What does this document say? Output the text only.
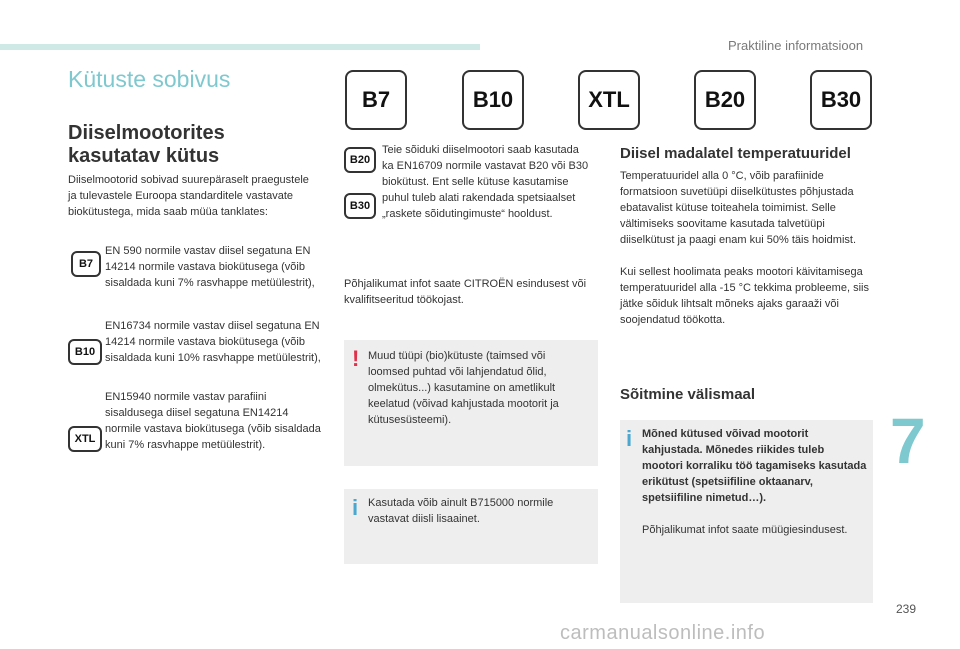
Praktiline informatsioon
Kütuste sobivus
Diiselmootorites kasutatav kütus
Diiselmootorid sobivad suurepäraselt praegustele ja tulevastele Euroopa standarditele vastavate biokütustega, mida saab müüa tanklates:
B7
EN 590 normile vastav diisel segatuna EN 14214 normile vastava biokütusega (võib sisaldada kuni 7% rasvhappe metüülestrit),
B10
EN16734 normile vastav diisel segatuna EN 14214 normile vastava biokütusega (võib sisaldada kuni 10% rasvhappe metüülestrit),
XTL
EN15940 normile vastav parafiini sisaldusega diisel segatuna EN14214 normile vastava biokütusega (võib sisaldada kuni 7% rasvhappe metüülestrit).
B7	B10	XTL	B20	B30
B20
B30
Teie sõiduki diiselmootori saab kasutada ka EN16709 normile vastavat B20 või B30 biokütust. Ent selle kütuse kasutamise puhul tuleb alati rakendada spetsiaalset „raskete sõidutingimuste“ hooldust.
Põhjalikumat infot saate CITROËN esindusest või kvalifitseeritud töökojast.
! Muud tüüpi (bio)kütuste (taimsed või loomsed puhtad või lahjendatud õlid, olmekütus...) kasutamine on ametlikult keelatud (võivad kahjustada mootorit ja kütusesüsteemi).
i Kasutada võib ainult B715000 normile vastavat diisli lisaainet.
Diisel madalatel temperatuuridel
Temperatuuridel alla 0 °C, võib parafiinide formatsioon suvetüüpi diiselkütustes põhjustada ebatavalist kütuse toiteahela toimimist. Selle vältimiseks soovitame kasutada talvetüüpi diiselkütust ja paagi enam kui 50% täis hoidmist.
Kui sellest hoolimata peaks mootori käivitamisega temperatuuridel alla -15 °C tekkima probleeme, siis jätke sõiduk lihtsalt mõneks ajaks garaaži või soojendatud töökotta.
Sõitmine välismaal
i Mõned kütused võivad mootorit kahjustada. Mõnedes riikides tuleb mootori korraliku töö tagamiseks kasutada erikütust (spetsiifiline oktaanarv, spetsiifiline nimetud…).
Põhjalikumat infot saate müügiesindusest.
7
239
carmanualsonline.info
